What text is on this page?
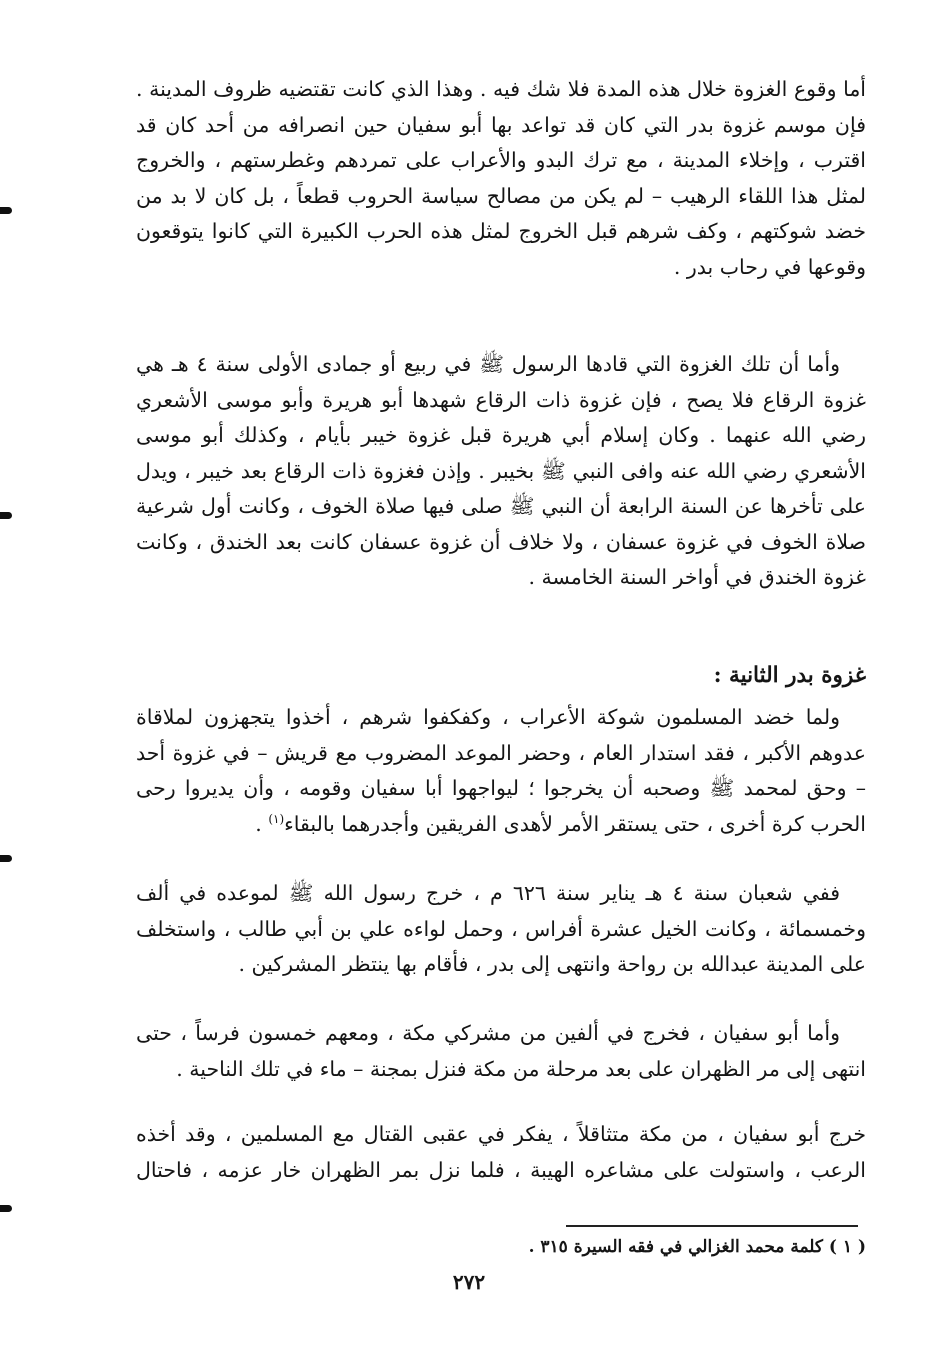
أما وقوع الغزوة خلال هذه المدة فلا شك فيه . وهذا الذي كانت تقتضيه ظروف المدينة . فإن موسم غزوة بدر التي كان قد تواعد بها أبو سفيان حين انصرافه من أحد كان قد اقترب ، وإخلاء المدينة ، مع ترك البدو والأعراب على تمردهم وغطرستهم ، والخروج لمثل هذا اللقاء الرهيب – لم يكن من مصالح سياسة الحروب قطعاً ، بل كان لا بد من خضد شوكتهم ، وكف شرهم قبل الخروج لمثل هذه الحرب الكبيرة التي كانوا يتوقعون وقوعها في رحاب بدر .

وأما أن تلك الغزوة التي قادها الرسول ﷺ في ربيع أو جمادى الأولى سنة ٤ هـ هي غزوة الرقاع فلا يصح ، فإن غزوة ذات الرقاع شهدها أبو هريرة وأبو موسى الأشعري رضي الله عنهما . وكان إسلام أبي هريرة قبل غزوة خيبر بأيام ، وكذلك أبو موسى الأشعري رضي الله عنه وافى النبي ﷺ بخيبر . وإذن فغزوة ذات الرقاع بعد خيبر ، ويدل على تأخرها عن السنة الرابعة أن النبي ﷺ صلى فيها صلاة الخوف ، وكانت أول شرعية صلاة الخوف في غزوة عسفان ، ولا خلاف أن غزوة عسفان كانت بعد الخندق ، وكانت غزوة الخندق في أواخر السنة الخامسة .

غزوة بدر الثانية :

ولما خضد المسلمون شوكة الأعراب ، وكفكفوا شرهم ، أخذوا يتجهزون لملاقاة عدوهم الأكبر ، فقد استدار العام ، وحضر الموعد المضروب مع قريش – في غزوة أحد – وحق لمحمد ﷺ وصحبه أن يخرجوا ؛ ليواجهوا أبا سفيان وقومه ، وأن يديروا رحى الحرب كرة أخرى ، حتى يستقر الأمر لأهدى الفريقين وأجدرهما بالبقاء$^{(١)}$ .

ففي شعبان سنة ٤ هـ يناير سنة ٦٢٦ م ، خرج رسول الله ﷺ لموعده في ألف وخمسمائة ، وكانت الخيل عشرة أفراس ، وحمل لواءه علي بن أبي طالب ، واستخلف على المدينة عبدالله بن رواحة وانتهى إلى بدر ، فأقام بها ينتظر المشركين .

وأما أبو سفيان ، فخرج في ألفين من مشركي مكة ، ومعهم خمسون فرساً ، حتى انتهى إلى مر الظهران على بعد مرحلة من مكة فنزل بمجنة – ماء في تلك الناحية .

خرج أبو سفيان ، من مكة متثاقلاً ، يفكر في عقبى القتال مع المسلمين ، وقد أخذه الرعب ، واستولت على مشاعره الهيبة ، فلما نزل بمر الظهران خار عزمه ، فاحتال

( ١ ) كلمة محمد الغزالي في فقه السيرة ٣١٥ .

٢٧٢
